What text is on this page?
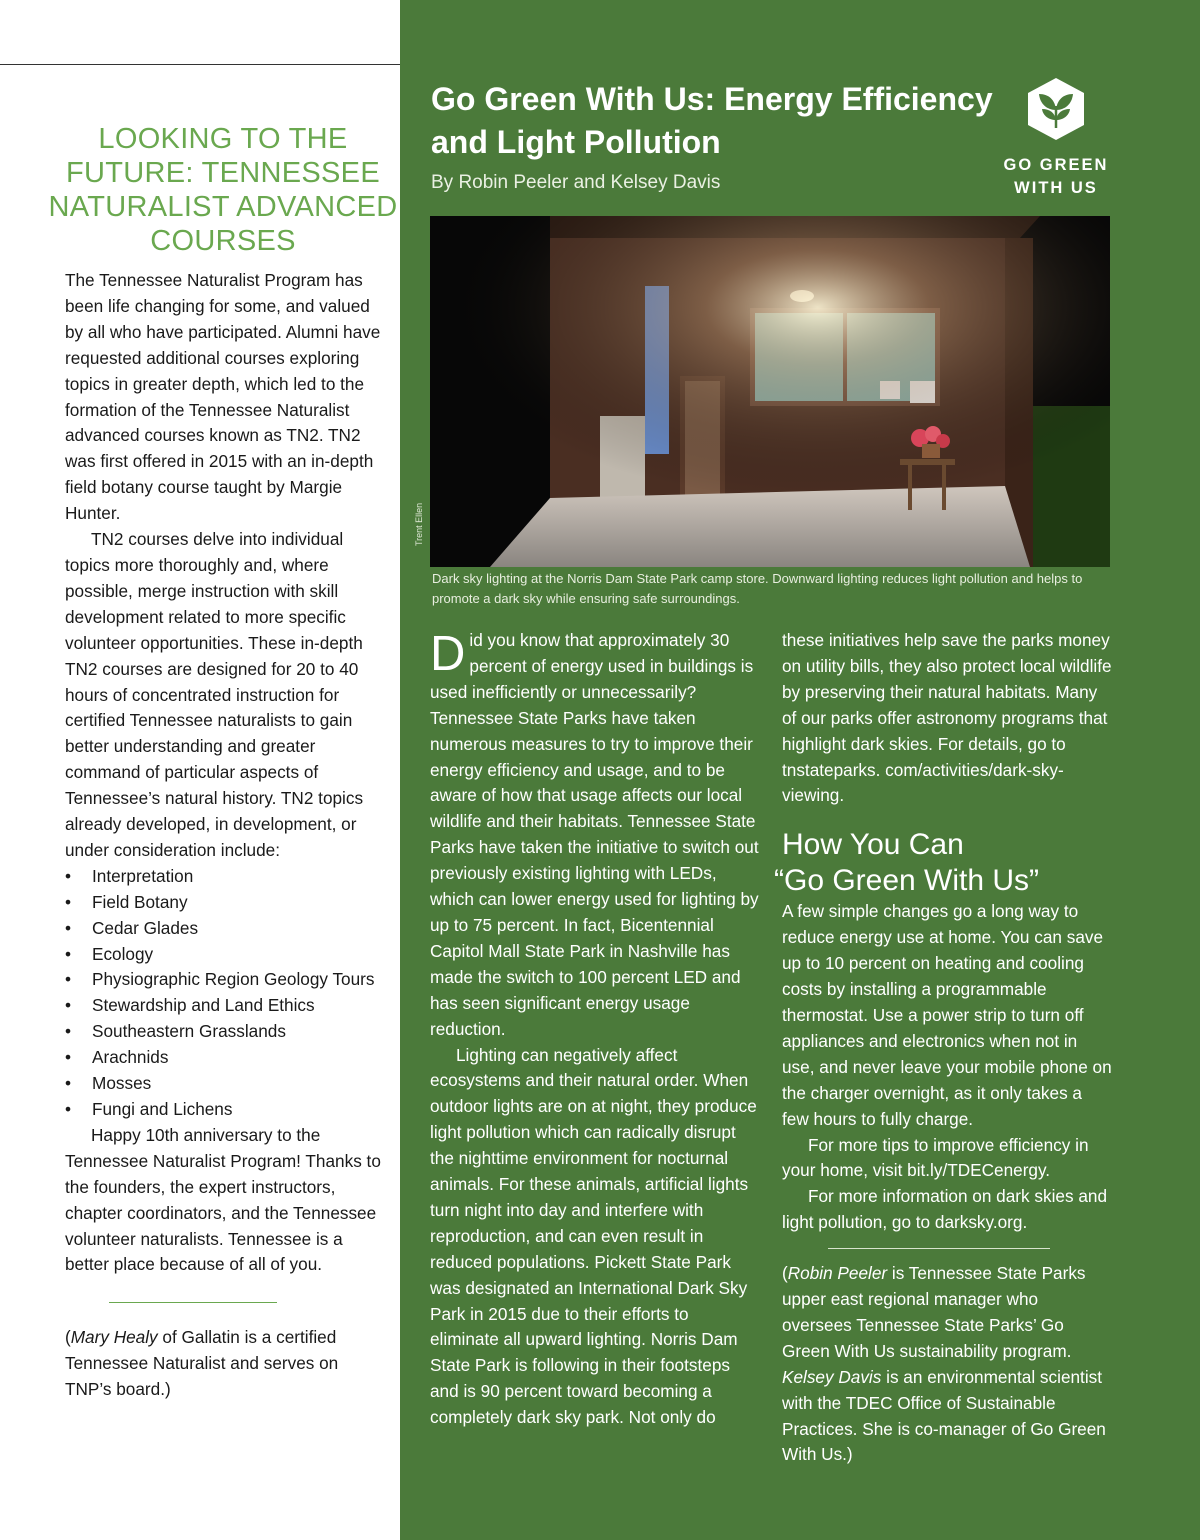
LOOKING TO THE FUTURE: TENNESSEE NATURALIST ADVANCED COURSES

The Tennessee Naturalist Program has been life changing for some, and valued by all who have participated. Alumni have requested additional courses exploring topics in greater depth, which led to the formation of the Tennessee Naturalist advanced courses known as TN2. TN2 was first offered in 2015 with an in-depth field botany course taught by Margie Hunter.

TN2 courses delve into individual topics more thoroughly and, where possible, merge instruction with skill development related to more specific volunteer opportunities. These in-depth TN2 courses are designed for 20 to 40 hours of concentrated instruction for certified Tennessee naturalists to gain better understanding and greater command of particular aspects of Tennessee’s natural history. TN2 topics already developed, in development, or under consideration include:

• Interpretation
• Field Botany
• Cedar Glades
• Ecology
• Physiographic Region Geology Tours
• Stewardship and Land Ethics
• Southeastern Grasslands
• Arachnids
• Mosses
• Fungi and Lichens

Happy 10th anniversary to the Tennessee Naturalist Program! Thanks to the founders, the expert instructors, chapter coordinators, and the Tennessee volunteer naturalists. Tennessee is a better place because of all of you.

(Mary Healy of Gallatin is a certified Tennessee Naturalist and serves on TNP’s board.)

Go Green With Us: Energy Efficiency and Light Pollution
By Robin Peeler and Kelsey Davis
GO GREEN
WITH US
Trent Ellen
Dark sky lighting at the Norris Dam State Park camp store. Downward lighting reduces light pollution and helps to promote a dark sky while ensuring safe surroundings.

Did you know that approximately 30 percent of energy used in buildings is used inefficiently or unnecessarily? Tennessee State Parks have taken numerous measures to try to improve their energy efficiency and usage, and to be aware of how that usage affects our local wildlife and their habitats. Tennessee State Parks have taken the initiative to switch out previously existing lighting with LEDs, which can lower energy used for lighting by up to 75 percent. In fact, Bicentennial Capitol Mall State Park in Nashville has made the switch to 100 percent LED and has seen significant energy usage reduction.

Lighting can negatively affect ecosystems and their natural order. When outdoor lights are on at night, they produce light pollution which can radically disrupt the nighttime environment for nocturnal animals. For these animals, artificial lights turn night into day and interfere with reproduction, and can even result in reduced populations. Pickett State Park was designated an International Dark Sky Park in 2015 due to their efforts to eliminate all upward lighting. Norris Dam State Park is following in their footsteps and is 90 percent toward becoming a completely dark sky park. Not only do

these initiatives help save the parks money on utility bills, they also protect local wildlife by preserving their natural habitats. Many of our parks offer astronomy programs that highlight dark skies. For details, go to tnstateparks. com/activities/dark-sky-viewing.

How You Can
“Go Green With Us”

A few simple changes go a long way to reduce energy use at home. You can save up to 10 percent on heating and cooling costs by installing a programmable thermostat. Use a power strip to turn off appliances and electronics when not in use, and never leave your mobile phone on the charger overnight, as it only takes a few hours to fully charge.

For more tips to improve efficiency in your home, visit bit.ly/TDECenergy.

For more information on dark skies and light pollution, go to darksky.org.

(Robin Peeler is Tennessee State Parks upper east regional manager who oversees Tennessee State Parks’ Go Green With Us sustainability program. Kelsey Davis is an environmental scientist with the TDEC Office of Sustainable Practices. She is co-manager of Go Green With Us.)
